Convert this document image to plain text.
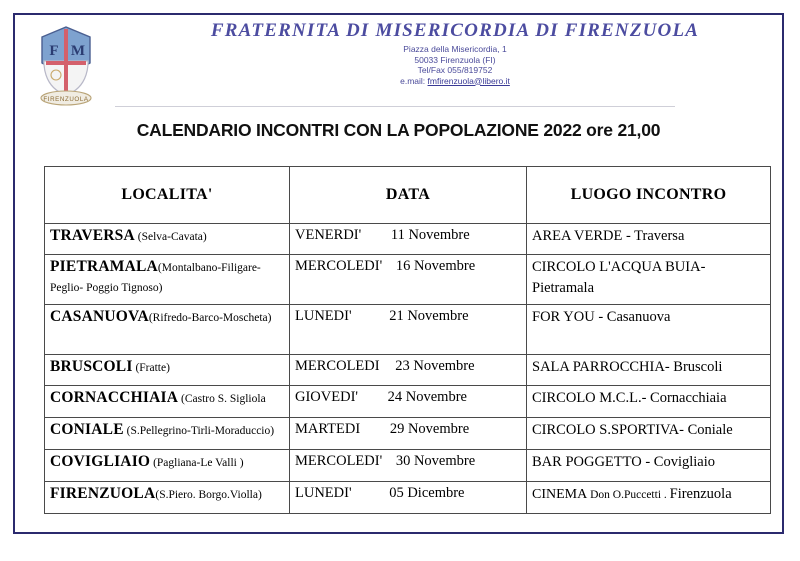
F M
FIRENZUOLA
FRATERNITA DI MISERICORDIA DI FIRENZUOLA
Piazza della Misericordia, 1
50033 Firenzuola (FI)
Tel/Fax 055/819752
e.mail: fmfirenzuola@libero.it
CALENDARIO INCONTRI CON LA POPOLAZIONE 2022 ore 21,00
LOCALITA'	DATA	LUOGO INCONTRO
TRAVERSA (Selva-Cavata)	VENERDI' 11 Novembre	AREA VERDE - Traversa
PIETRAMALA(Montalbano-Filigare-Peglio- Poggio Tignoso)	MERCOLEDI' 16 Novembre	CIRCOLO L'ACQUA BUIA- Pietramala
CASANUOVA(Rifredo-Barco-Moscheta)	LUNEDI' 21 Novembre	FOR YOU - Casanuova
BRUSCOLI (Fratte)	MERCOLEDI 23 Novembre	SALA PARROCCHIA- Bruscoli
CORNACCHIAIA (Castro S. Sigliola	GIOVEDI' 24 Novembre	CIRCOLO M.C.L.- Cornacchiaia
CONIALE (S.Pellegrino-Tirli-Moraduccio)	MARTEDI 29 Novembre	CIRCOLO S.SPORTIVA- Coniale
COVIGLIAIO (Pagliana-Le Valli )	MERCOLEDI' 30 Novembre	BAR POGGETTO - Covigliaio
FIRENZUOLA(S.Piero. Borgo.Violla)	LUNEDI' 05 Dicembre	CINEMA Don O.Puccetti . Firenzuola
